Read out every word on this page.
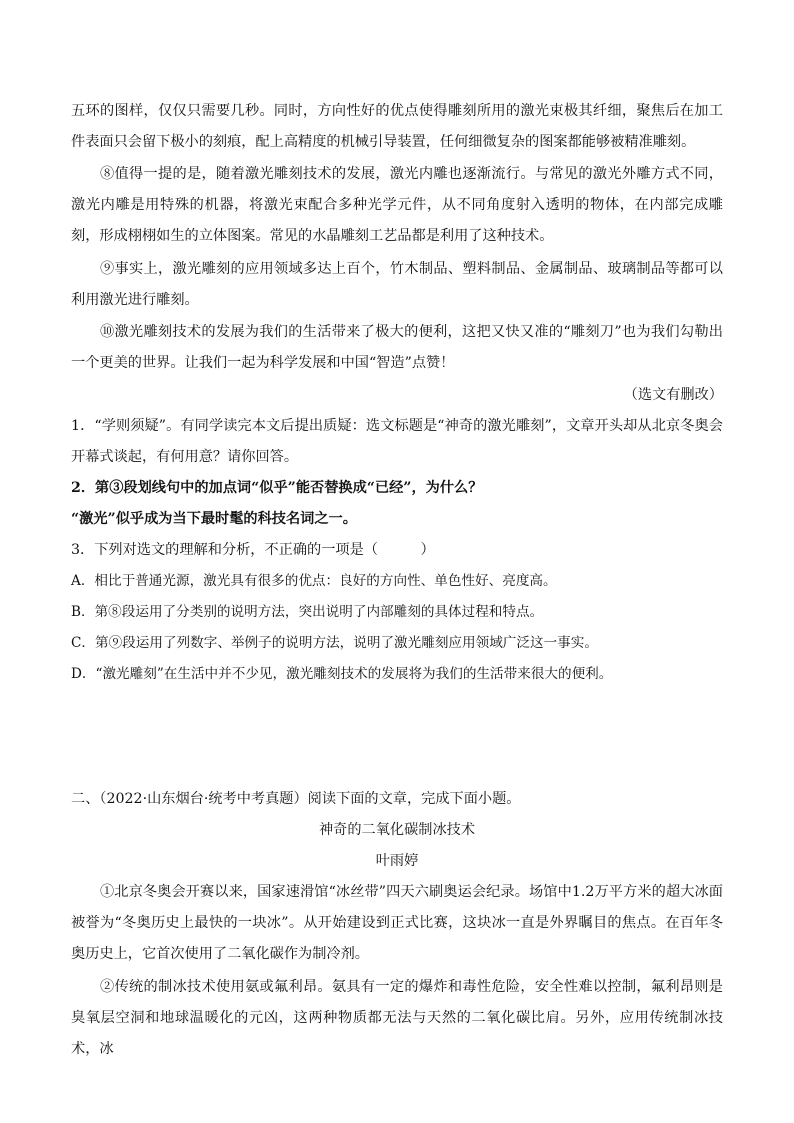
五环的图样，仅仅只需要几秒。同时，方向性好的优点使得雕刻所用的激光束极其纤细，聚焦后在加工件表面只会留下极小的刻痕，配上高精度的机械引导装置，任何细微复杂的图案都能够被精准雕刻。
⑧值得一提的是，随着激光雕刻技术的发展，激光内雕也逐渐流行。与常见的激光外雕方式不同，激光内雕是用特殊的机器，将激光束配合多种光学元件，从不同角度射入透明的物体，在内部完成雕刻，形成栩栩如生的立体图案。常见的水晶雕刻工艺品都是利用了这种技术。
⑨事实上，激光雕刻的应用领域多达上百个，竹木制品、塑料制品、金属制品、玻璃制品等都可以利用激光进行雕刻。
⑩激光雕刻技术的发展为我们的生活带来了极大的便利，这把又快又准的“雕刻刀”也为我们勾勒出一个更美的世界。让我们一起为科学发展和中国“智造”点赞！
（选文有删改）
1．“学则须疑”。有同学读完本文后提出质疑：选文标题是“神奇的激光雕刻”，文章开头却从北京冬奥会开幕式谈起，有何用意？请你回答。
2．第③段划线句中的加点词“似乎”能否替换成“已经”，为什么？
“激光”似乎成为当下最时髦的科技名词之一。
3．下列对选文的理解和分析，不正确的一项是（　　　）
A．相比于普通光源，激光具有很多的优点：良好的方向性、单色性好、亮度高。
B．第⑧段运用了分类别的说明方法，突出说明了内部雕刻的具体过程和特点。
C．第⑨段运用了列数字、举例子的说明方法，说明了激光雕刻应用领域广泛这一事实。
D．“激光雕刻”在生活中并不少见，激光雕刻技术的发展将为我们的生活带来很大的便利。
二、（2022·山东烟台·统考中考真题）阅读下面的文章，完成下面小题。
神奇的二氧化碳制冰技术
叶雨婷
①北京冬奥会开赛以来，国家速滑馆“冰丝带”四天六刷奥运会纪录。场馆中1.2万平方米的超大冰面被誉为“冬奥历史上最快的一块冰”。从开始建设到正式比赛，这块冰一直是外界瞩目的焦点。在百年冬奥历史上，它首次使用了二氧化碳作为制冷剂。
②传统的制冰技术使用氨或氟利昂。氨具有一定的爆炸和毒性危险，安全性难以控制，氟利昂则是臭氧层空洞和地球温暖化的元凶，这两种物质都无法与天然的二氧化碳比肩。另外，应用传统制冰技术，冰
